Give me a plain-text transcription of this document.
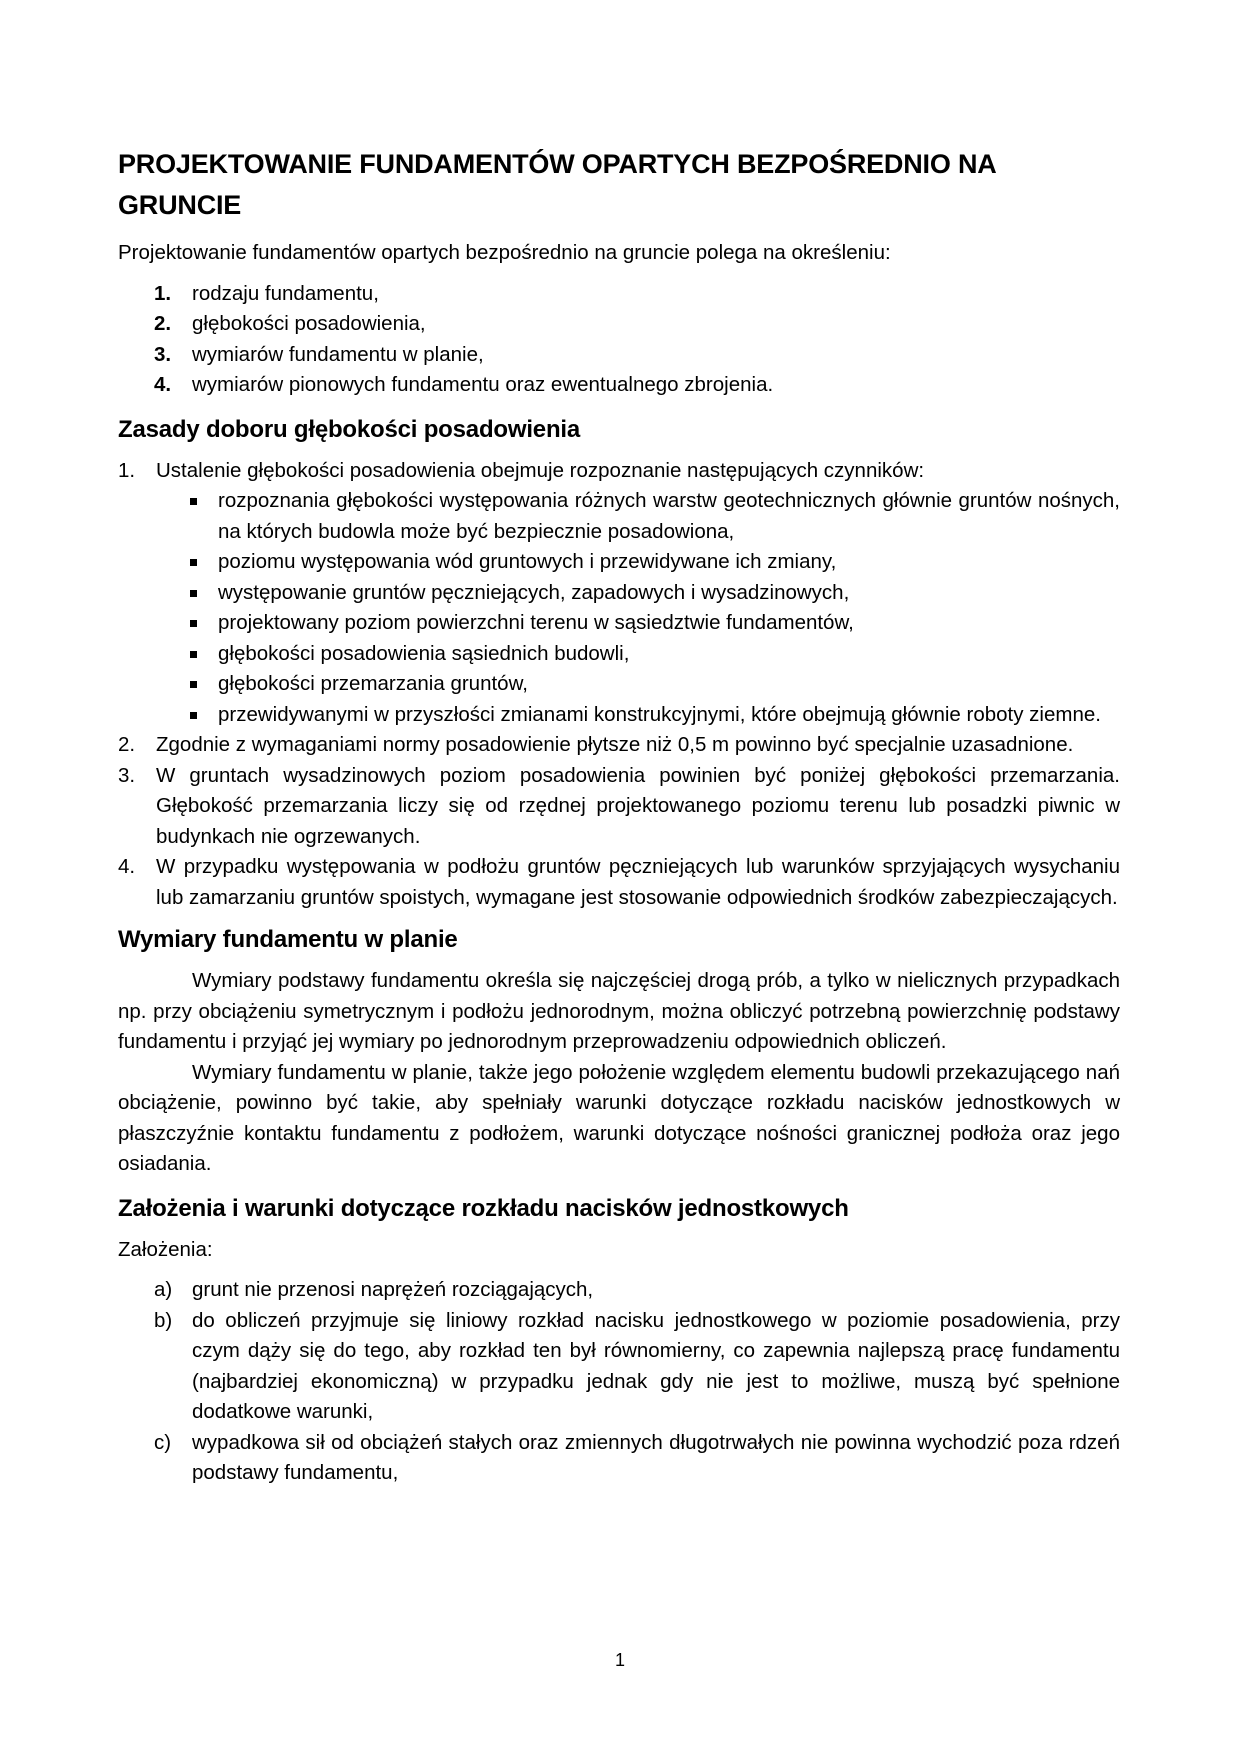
PROJEKTOWANIE FUNDAMENTÓW OPARTYCH BEZPOŚREDNIO NA GRUNCIE

Projektowanie fundamentów opartych bezpośrednio na gruncie polega na określeniu:

1. rodzaju fundamentu,
2. głębokości posadowienia,
3. wymiarów fundamentu w planie,
4. wymiarów pionowych fundamentu oraz ewentualnego zbrojenia.
Zasady doboru głębokości posadowienia
1. Ustalenie głębokości posadowienia obejmuje rozpoznanie następujących czynników:
rozpoznania głębokości występowania różnych warstw geotechnicznych głównie gruntów nośnych, na których budowla może być bezpiecznie posadowiona,
poziomu występowania wód gruntowych i przewidywane ich zmiany,
występowanie gruntów pęczniejących, zapadowych i wysadzinowych,
projektowany poziom powierzchni terenu w sąsiedztwie fundamentów,
głębokości posadowienia sąsiednich budowli,
głębokości przemarzania gruntów,
przewidywanymi w przyszłości zmianami konstrukcyjnymi, które obejmują głównie roboty ziemne.
2. Zgodnie z wymaganiami normy posadowienie płytsze niż 0,5 m powinno być specjalnie uzasadnione.
3. W gruntach wysadzinowych poziom posadowienia powinien być poniżej głębokości przemarzania. Głębokość przemarzania liczy się od rzędnej projektowanego poziomu terenu lub posadzki piwnic w budynkach nie ogrzewanych.
4. W przypadku występowania w podłożu gruntów pęczniejących lub warunków sprzyjających wysychaniu lub zamarzaniu gruntów spoistych, wymagane jest stosowanie odpowiednich środków zabezpieczających.
Wymiary fundamentu w planie

Wymiary podstawy fundamentu określa się najczęściej drogą prób, a tylko w nielicznych przypadkach np. przy obciążeniu symetrycznym i podłożu jednorodnym, można obliczyć potrzebną powierzchnię podstawy fundamentu i przyjąć jej wymiary po jednorodnym przeprowadzeniu odpowiednich obliczeń.

Wymiary fundamentu w planie, także jego położenie względem elementu budowli przekazującego nań obciążenie, powinno być takie, aby spełniały warunki dotyczące rozkładu nacisków jednostkowych w płaszczyźnie kontaktu fundamentu z podłożem, warunki dotyczące nośności granicznej podłoża oraz jego osiadania.

Założenia i warunki dotyczące rozkładu nacisków jednostkowych

Założenia:

a) grunt nie przenosi naprężeń rozciągających,
b) do obliczeń przyjmuje się liniowy rozkład nacisku jednostkowego w poziomie posadowienia, przy czym dąży się do tego, aby rozkład ten był równomierny, co zapewnia najlepszą pracę fundamentu (najbardziej ekonomiczną) w przypadku jednak gdy nie jest to możliwe, muszą być spełnione dodatkowe warunki,
c) wypadkowa sił od obciążeń stałych oraz zmiennych długotrwałych nie powinna wychodzić poza rdzeń podstawy fundamentu,
1
